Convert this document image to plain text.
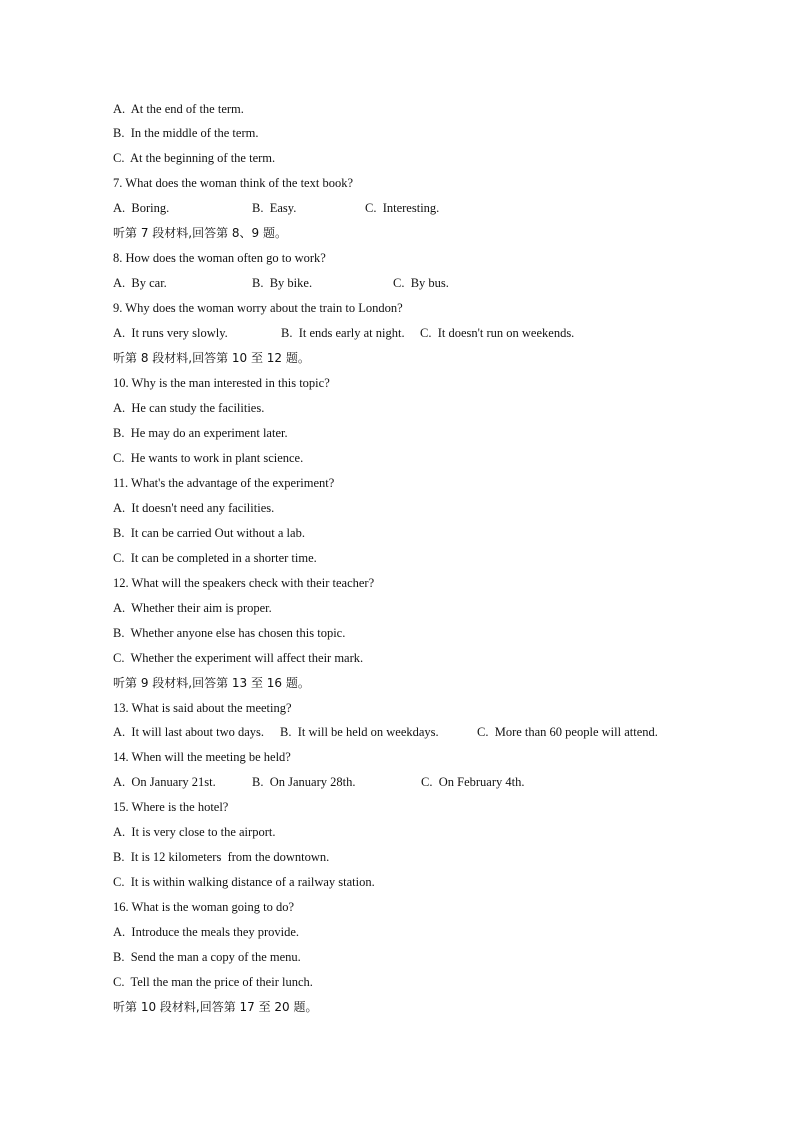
A.  At the end of the term.
B.  In the middle of the term.
C.  At the beginning of the term.
7. What does the woman think of the text book?
A.  Boring.	B.  Easy.	C.  Interesting.
听第 7 段材料,回答第 8、9 题。
8. How does the woman often go to work?
A.  By car.	B.  By bike.	C.  By bus.
9. Why does the woman worry about the train to London?
A.  It runs very slowly.	B.  It ends early at night. C.  It doesn't run on weekends.
听第 8 段材料,回答第 10 至 12 题。
10. Why is the man interested in this topic?
A.  He can study the facilities.
B.  He may do an experiment later.
C.  He wants to work in plant science.
11. What's the advantage of the experiment?
A.  It doesn't need any facilities.
B.  It can be carried Out without a lab.
C.  It can be completed in a shorter time.
12. What will the speakers check with their teacher?
A.  Whether their aim is proper.
B.  Whether anyone else has chosen this topic.
C.  Whether the experiment will affect their mark.
听第 9 段材料,回答第 13 至 16 题。
13. What is said about the meeting?
A.  It will last about two days. B.  It will be held on weekdays.	C.  More than 60 people will attend.
14. When will the meeting be held?
A.  On January 21st.	B.  On January 28th.	C.  On February 4th.
15. Where is the hotel?
A.  It is very close to the airport.
B.  It is 12 kilometers  from the downtown.
C.  It is within walking distance of a railway station.
16. What is the woman going to do?
A.  Introduce the meals they provide.
B.  Send the man a copy of the menu.
C.  Tell the man the price of their lunch.
听第 10 段材料,回答第 17 至 20 题。
